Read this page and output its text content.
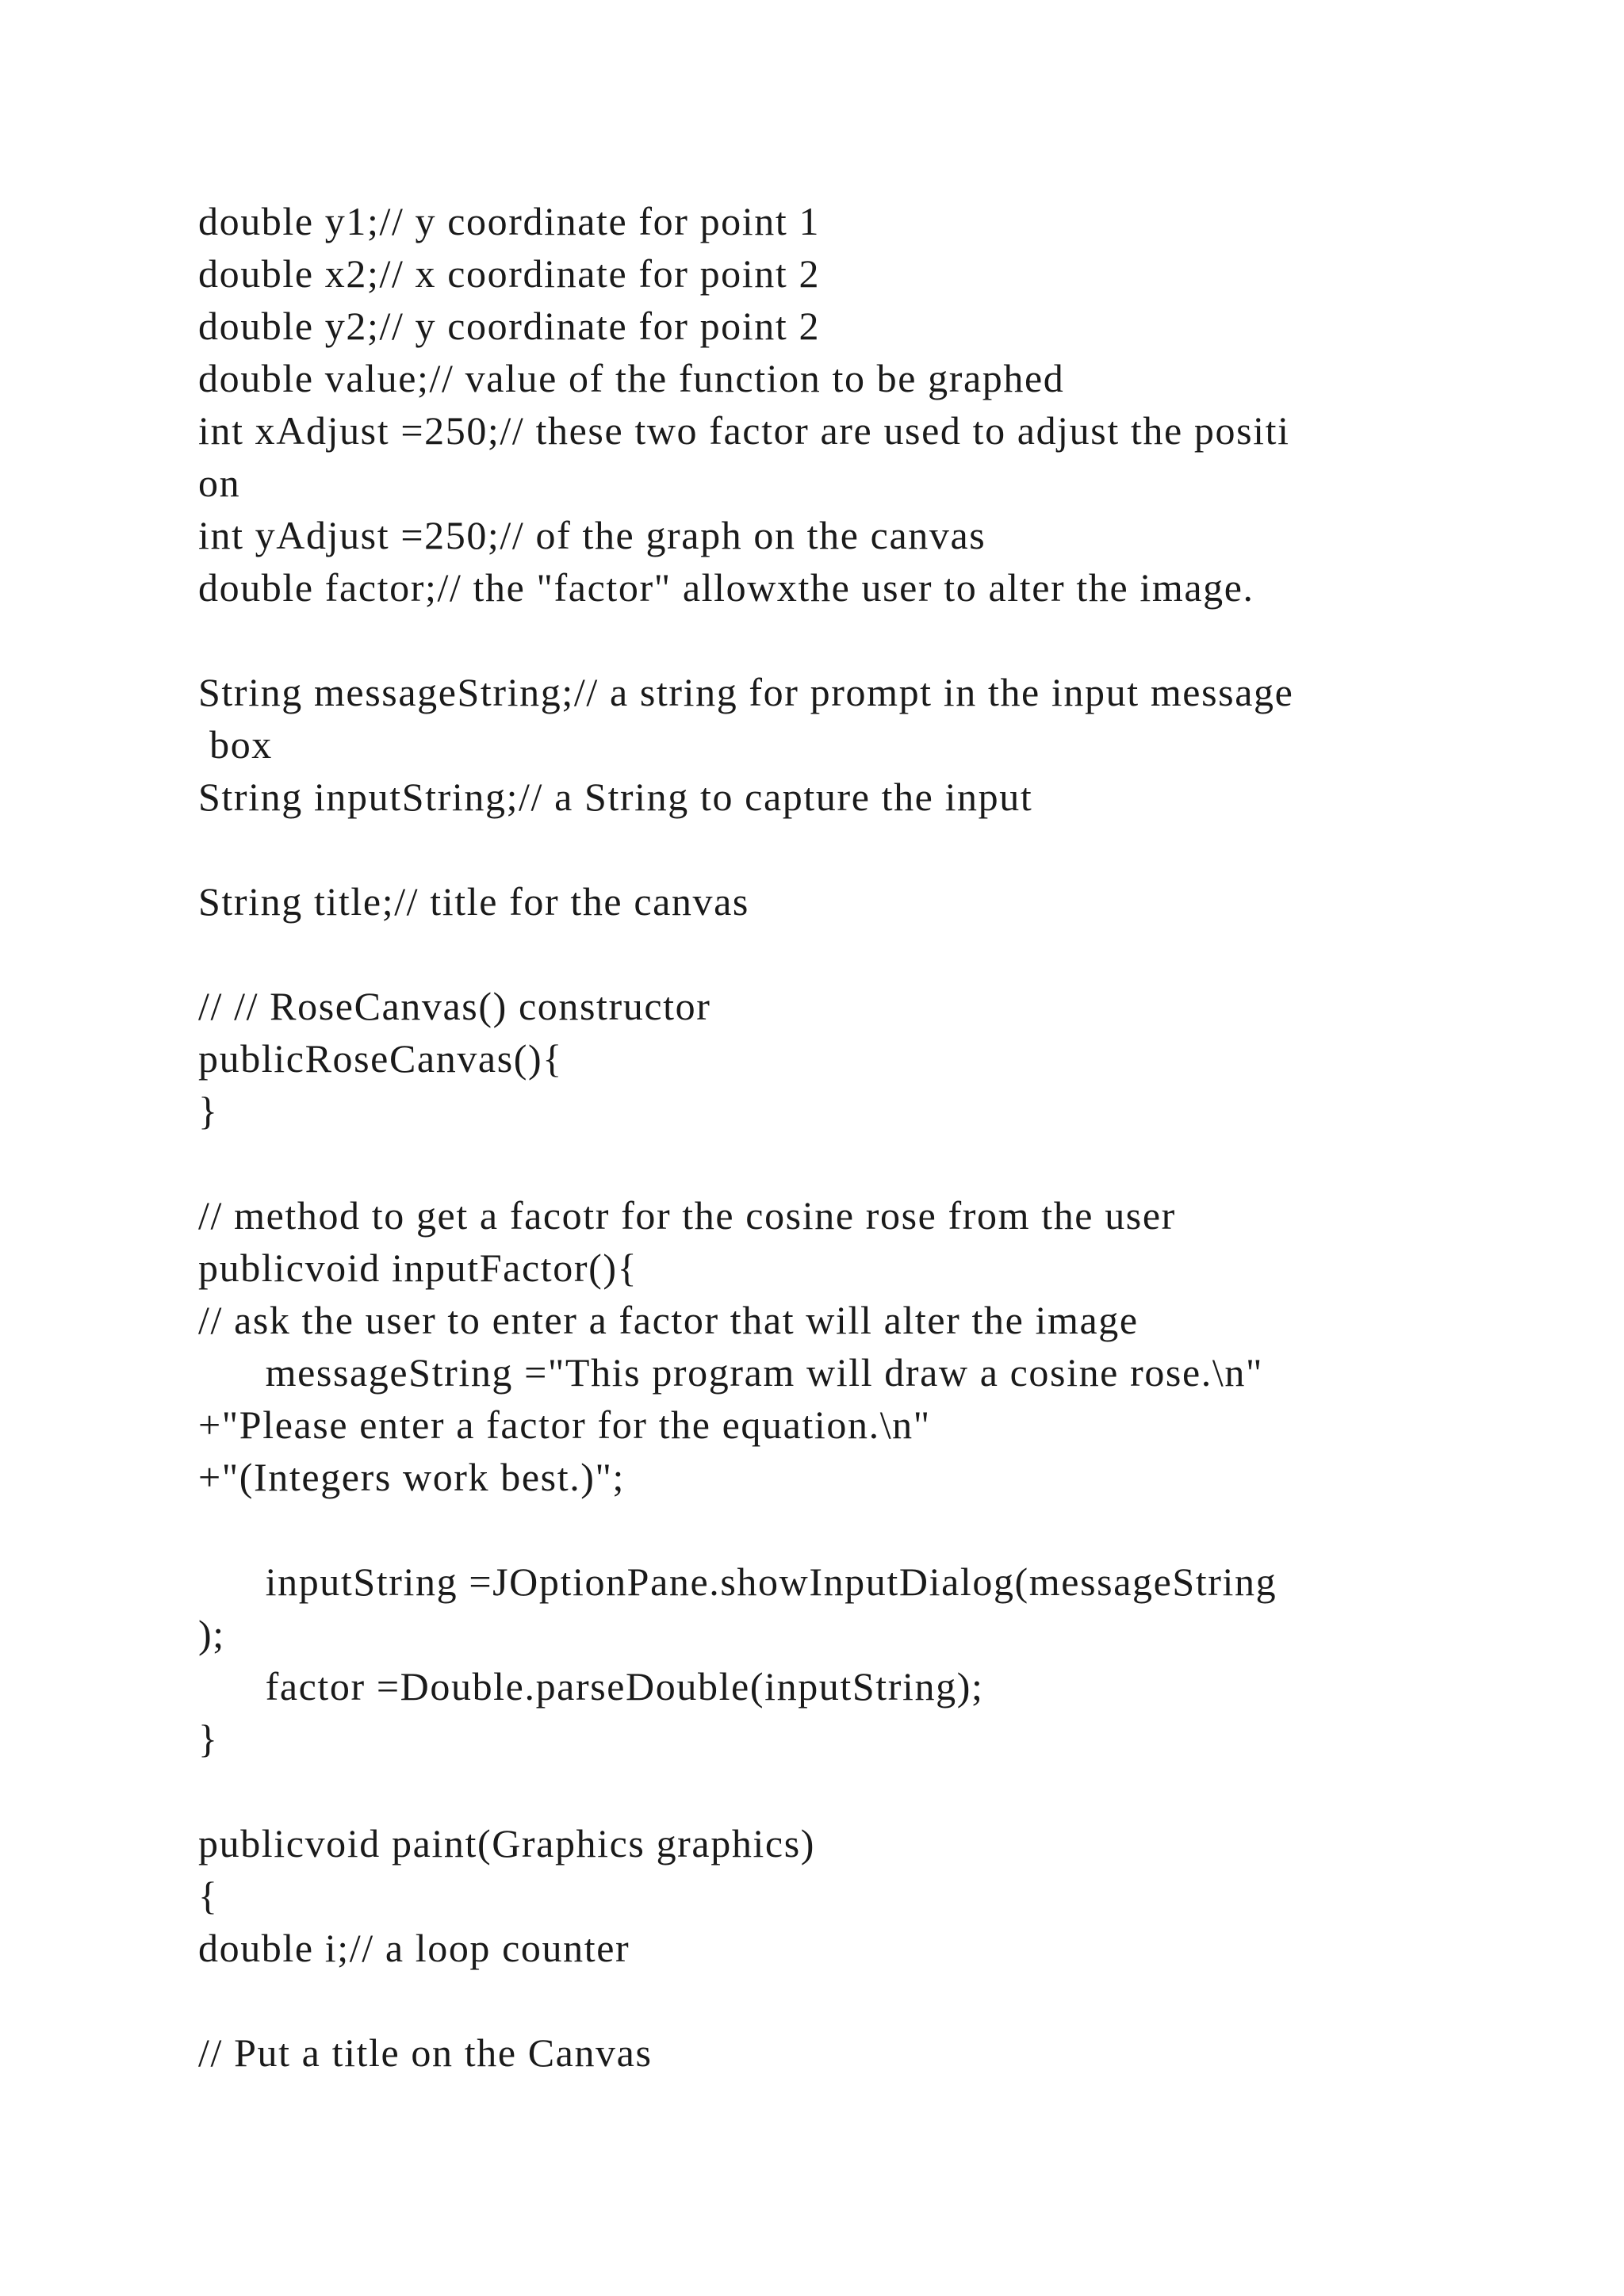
double y1;// y coordinate for point 1
double x2;// x coordinate for point 2
double y2;// y coordinate for point 2
double value;// value of the function to be graphed
int xAdjust =250;// these two factor are used to adjust the positi
on
int yAdjust =250;// of the graph on the canvas
double factor;// the "factor" allowxthe user to alter the image.
String messageString;// a string for prompt in the input message
box
String inputString;// a String to capture the input
String title;// title for the canvas
// // RoseCanvas() constructor
publicRoseCanvas(){
}
// method to get a facotr for the cosine rose from the user
publicvoid inputFactor(){
// ask the user to enter a factor that will alter the image
messageString ="This program will draw a cosine rose.\n"
+"Please enter a factor for the equation.\n"
+"(Integers work best.)";
inputString =JOptionPane.showInputDialog(messageString
);
factor =Double.parseDouble(inputString);
}
publicvoid paint(Graphics graphics)
{
double i;// a loop counter
// Put a title on the Canvas
